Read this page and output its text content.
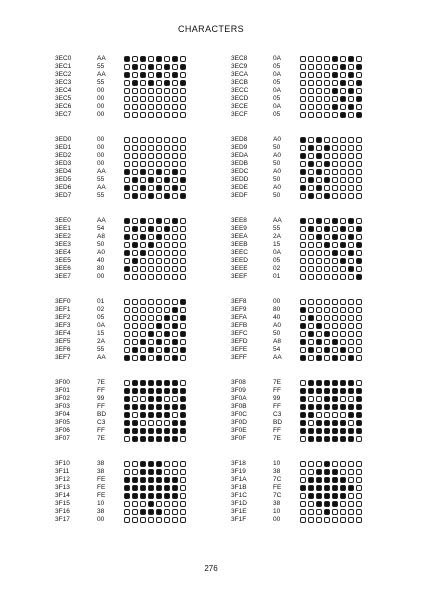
CHARACTERS
3EC0	AA
3EC1	55
3EC2	AA
3EC3	55
3EC4	00
3EC5	00
3EC6	00
3EC7	00
3EC8	0A
3EC9	05
3ECA	0A
3ECB	05
3ECC	0A
3ECD	05
3ECE	0A
3ECF	05
3ED0	00
3ED1	00
3ED2	00
3ED3	00
3ED4	AA
3ED5	55
3ED6	AA
3ED7	55
3ED8	A0
3ED9	50
3EDA	A0
3EDB	50
3EDC	A0
3EDD	50
3EDE	A0
3EDF	50
3EE0	AA
3EE1	54
3EE2	A8
3EE3	50
3EE4	A0
3EE5	40
3EE6	80
3EE7	00
3EE8	AA
3EE9	55
3EEA	2A
3EEB	15
3EEC	0A
3EED	05
3EEE	02
3EEF	01
3EF0	01
3EF1	02
3EF2	05
3EF3	0A
3EF4	15
3EF5	2A
3EF6	55
3EF7	AA
3EF8	00
3EF9	80
3EFA	40
3EFB	A0
3EFC	50
3EFD	A8
3EFE	54
3EFF	AA
3F00	7E
3F01	FF
3F02	99
3F03	FF
3F04	BD
3F05	C3
3F06	FF
3F07	7E
3F08	7E
3F09	FF
3F0A	99
3F0B	FF
3F0C	C3
3F0D	BD
3F0E	FF
3F0F	7E
3F10	38
3F11	38
3F12	FE
3F13	FE
3F14	FE
3F15	10
3F16	38
3F17	00
3F18	10
3F19	38
3F1A	7C
3F1B	FE
3F1C	7C
3F1D	38
3F1E	10
3F1F	00
276
